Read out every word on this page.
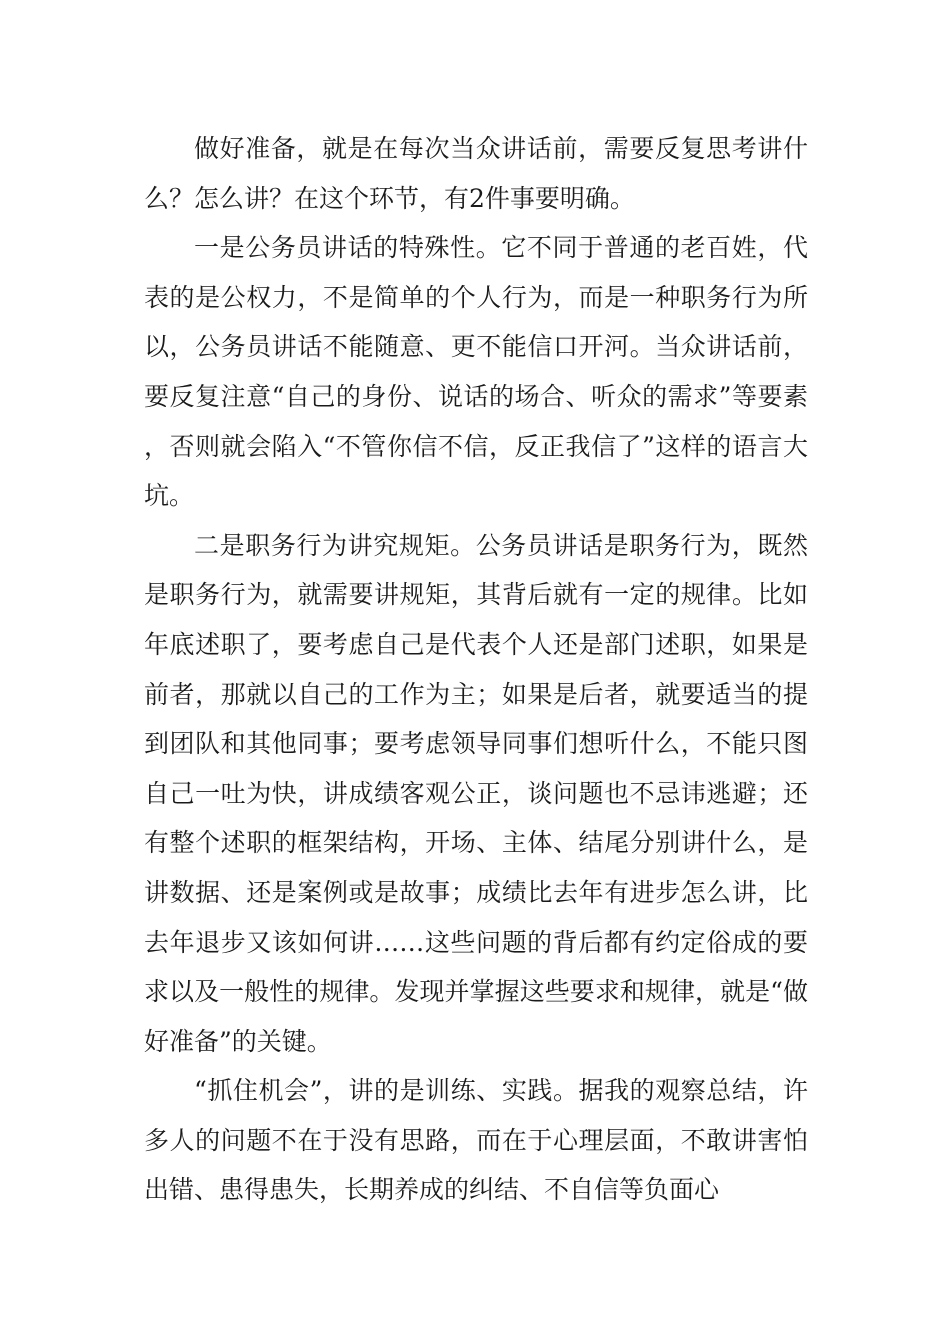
做好准备，就是在每次当众讲话前，需要反复思考讲什么？怎么讲？在这个环节，有2件事要明确。

一是公务员讲话的特殊性。它不同于普通的老百姓，代表的是公权力，不是简单的个人行为，而是一种职务行为所以，公务员讲话不能随意、更不能信口开河。当众讲话前，要反复注意“自己的身份、说话的场合、听众的需求”等要素，否则就会陷入“不管你信不信，反正我信了”这样的语言大坑。

二是职务行为讲究规矩。公务员讲话是职务行为，既然是职务行为，就需要讲规矩，其背后就有一定的规律。比如年底述职了，要考虑自己是代表个人还是部门述职，如果是前者，那就以自己的工作为主；如果是后者，就要适当的提到团队和其他同事；要考虑领导同事们想听什么，不能只图自己一吐为快，讲成绩客观公正，谈问题也不忌讳逃避；还有整个述职的框架结构，开场、主体、结尾分别讲什么，是讲数据、还是案例或是故事；成绩比去年有进步怎么讲，比去年退步又该如何讲……这些问题的背后都有约定俗成的要求以及一般性的规律。发现并掌握这些要求和规律，就是“做好准备”的关键。

“抓住机会”，讲的是训练、实践。据我的观察总结，许多人的问题不在于没有思路，而在于心理层面，不敢讲害怕出错、患得患失，长期养成的纠结、不自信等负面心
